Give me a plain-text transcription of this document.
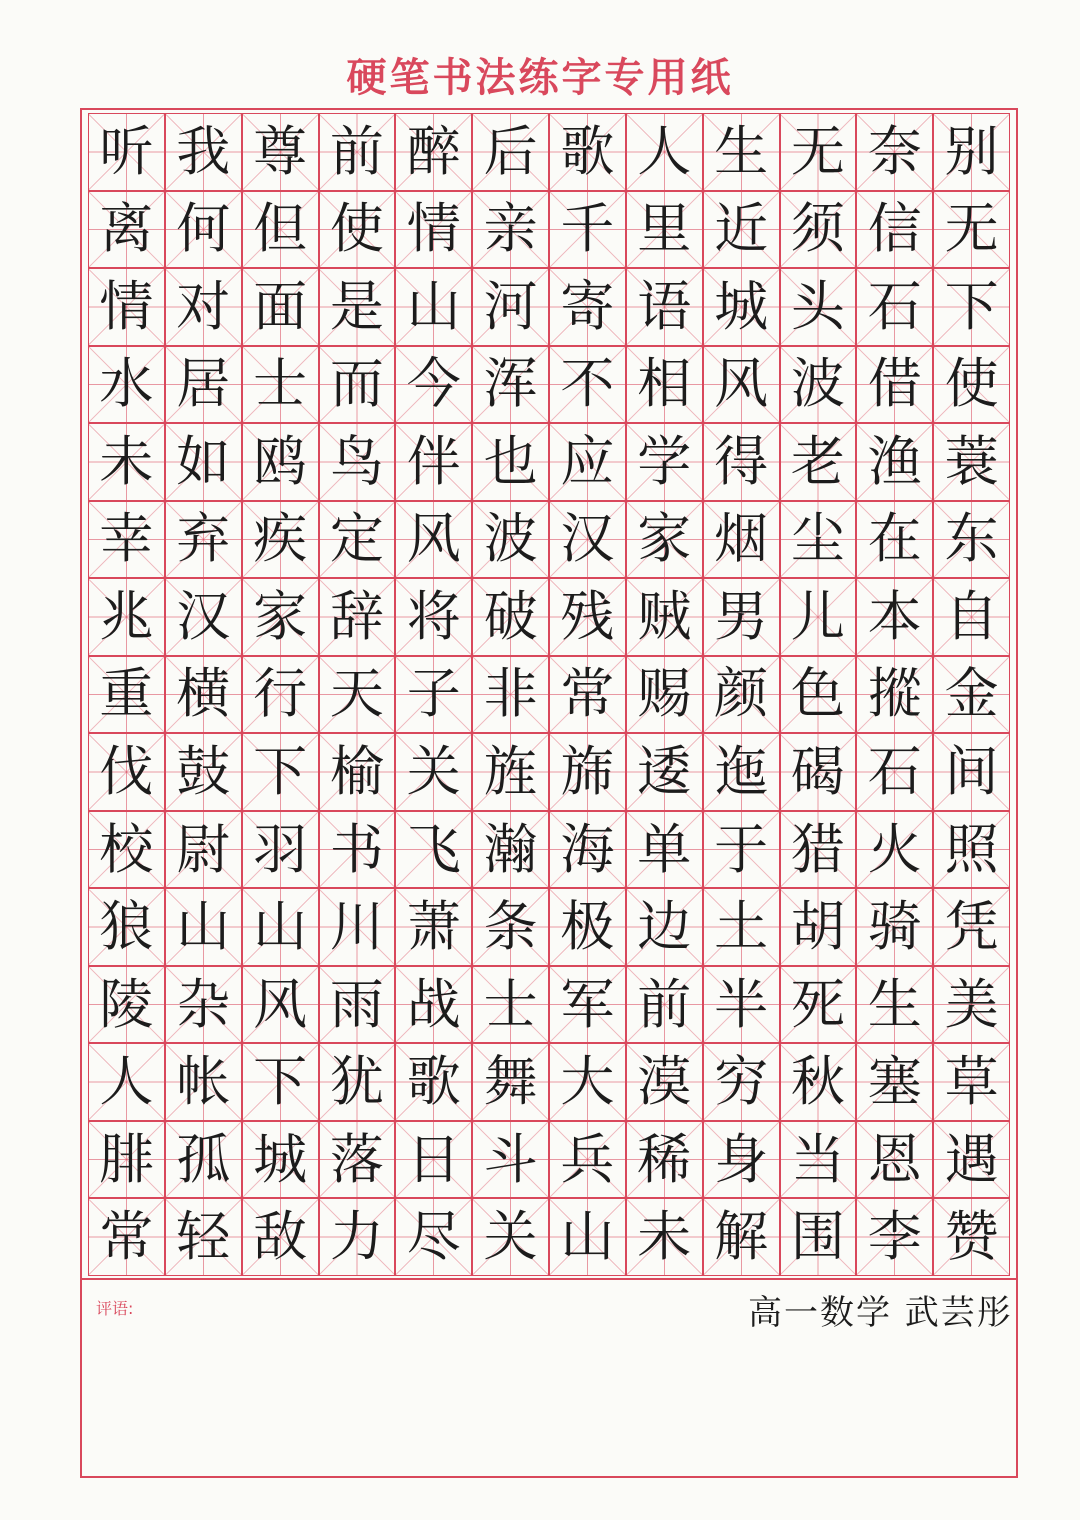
硬笔书法练字专用纸
听 我 尊 前 醉 后 歌 人 生 无 奈 别
离 何 但 使 情 亲 千 里 近 须 信 无
情 对 面 是 山 河 寄 语 城 头 石 下
水 居 士 而 今 浑 不 相 风 波 借 使
未 如 鸥 鸟 伴 也 应 学 得 老 渔 蓑
幸 弃 疾 定 风 波 汉 家 烟 尘 在 东
兆 汉 家 辞 将 破 残 贼 男 儿 本 自
重 横 行 天 子 非 常 赐 颜 色 摐 金
伐 鼓 下 榆 关 旌 旆 逶 迤 碣 石 间
校 尉 羽 书 飞 瀚 海 单 于 猎 火 照
狼 山 山 川 萧 条 极 边 土 胡 骑 凭
陵 杂 风 雨 战 士 军 前 半 死 生 美
人 帐 下 犹 歌 舞 大 漠 穷 秋 塞 草
腓 孤 城 落 日 斗 兵 稀 身 当 恩 遇
常 轻 敌 力 尽 关 山 未 解 围 李 赞
评语:	高一数学 武芸彤
